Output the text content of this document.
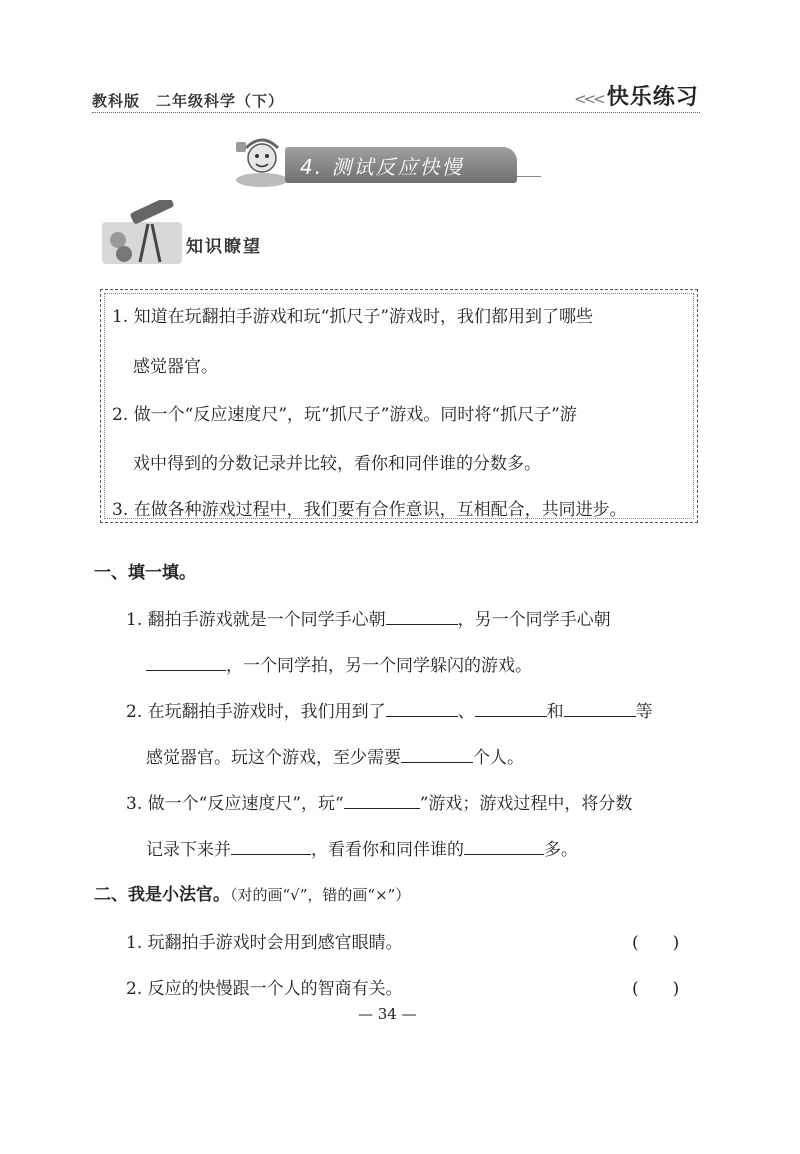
教科版　二年级科学（下）	<<< 快乐练习
4. 测试反应快慢
知识瞭望
1. 知道在玩翻拍手游戏和玩“抓尺子”游戏时，我们都用到了哪些
感觉器官。
2. 做一个“反应速度尺”，玩“抓尺子”游戏。同时将“抓尺子”游
戏中得到的分数记录并比较，看你和同伴谁的分数多。
3. 在做各种游戏过程中，我们要有合作意识，互相配合，共同进步。
一、填一填。
1. 翻拍手游戏就是一个同学手心朝	，另一个同学手心朝
，一个同学拍，另一个同学躲闪的游戏。
2. 在玩翻拍手游戏时，我们用到了	、	和	等
感觉器官。玩这个游戏，至少需要	个人。
3. 做一个“反应速度尺”，玩“	”游戏；游戏过程中，将分数
记录下来并	，看看你和同伴谁的	多。
二、我是小法官。（对的画“√”，错的画“×”）
1. 玩翻拍手游戏时会用到感官眼睛。	(　　)
2. 反应的快慢跟一个人的智商有关。	(　　)
— 34 —
